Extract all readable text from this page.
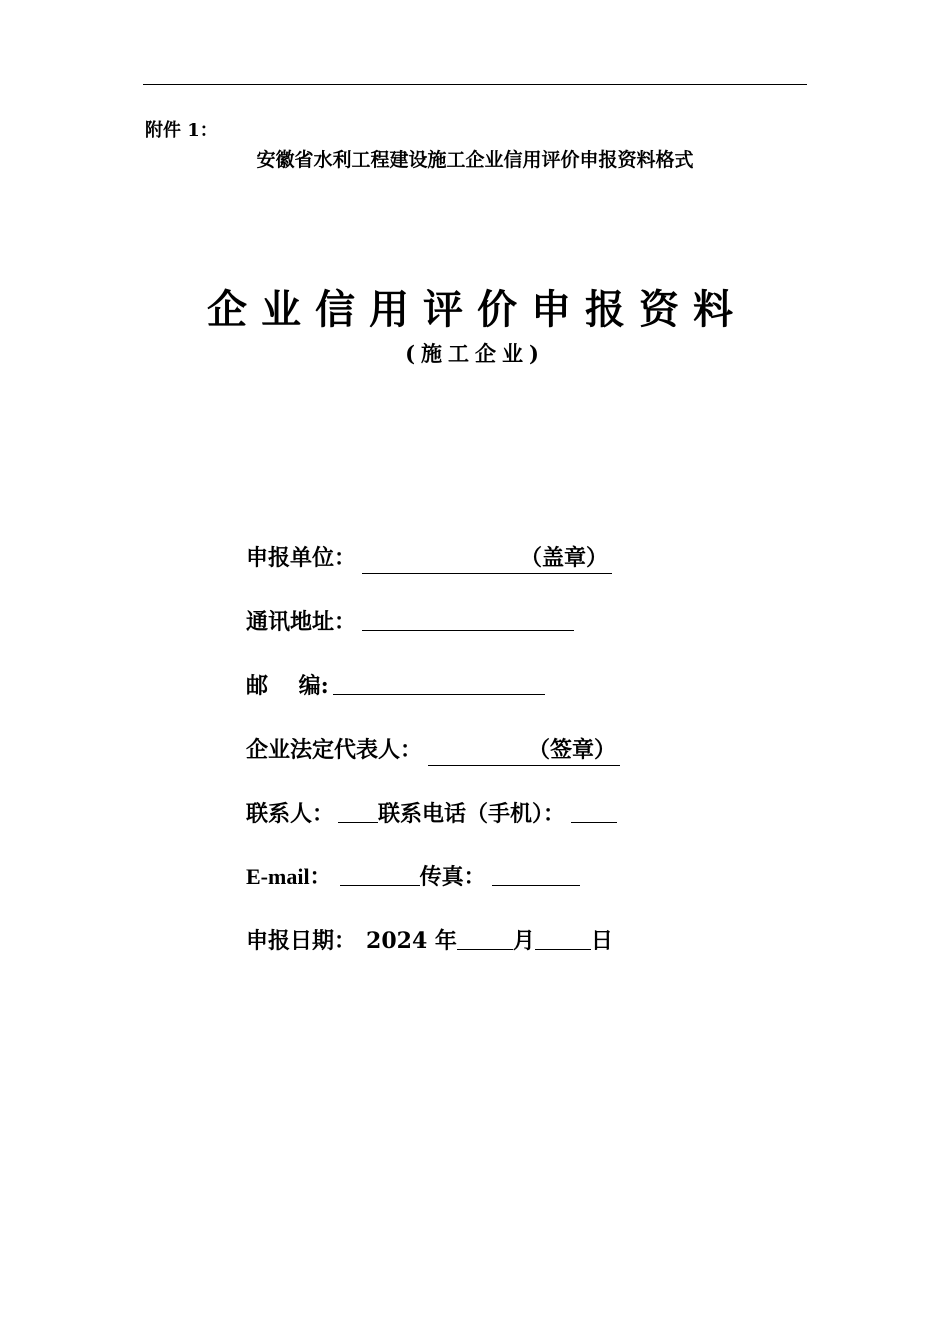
附件 1：
安徽省水利工程建设施工企业信用评价申报资料格式
企业信用评价申报资料
(施工企业)
申报单位：	（盖章）
通讯地址：
邮    编:
企业法定代表人：	（签章）
联系人： 联系电话（手机）：
E-mail：	传真：
申报日期： 2024 年	月	日
